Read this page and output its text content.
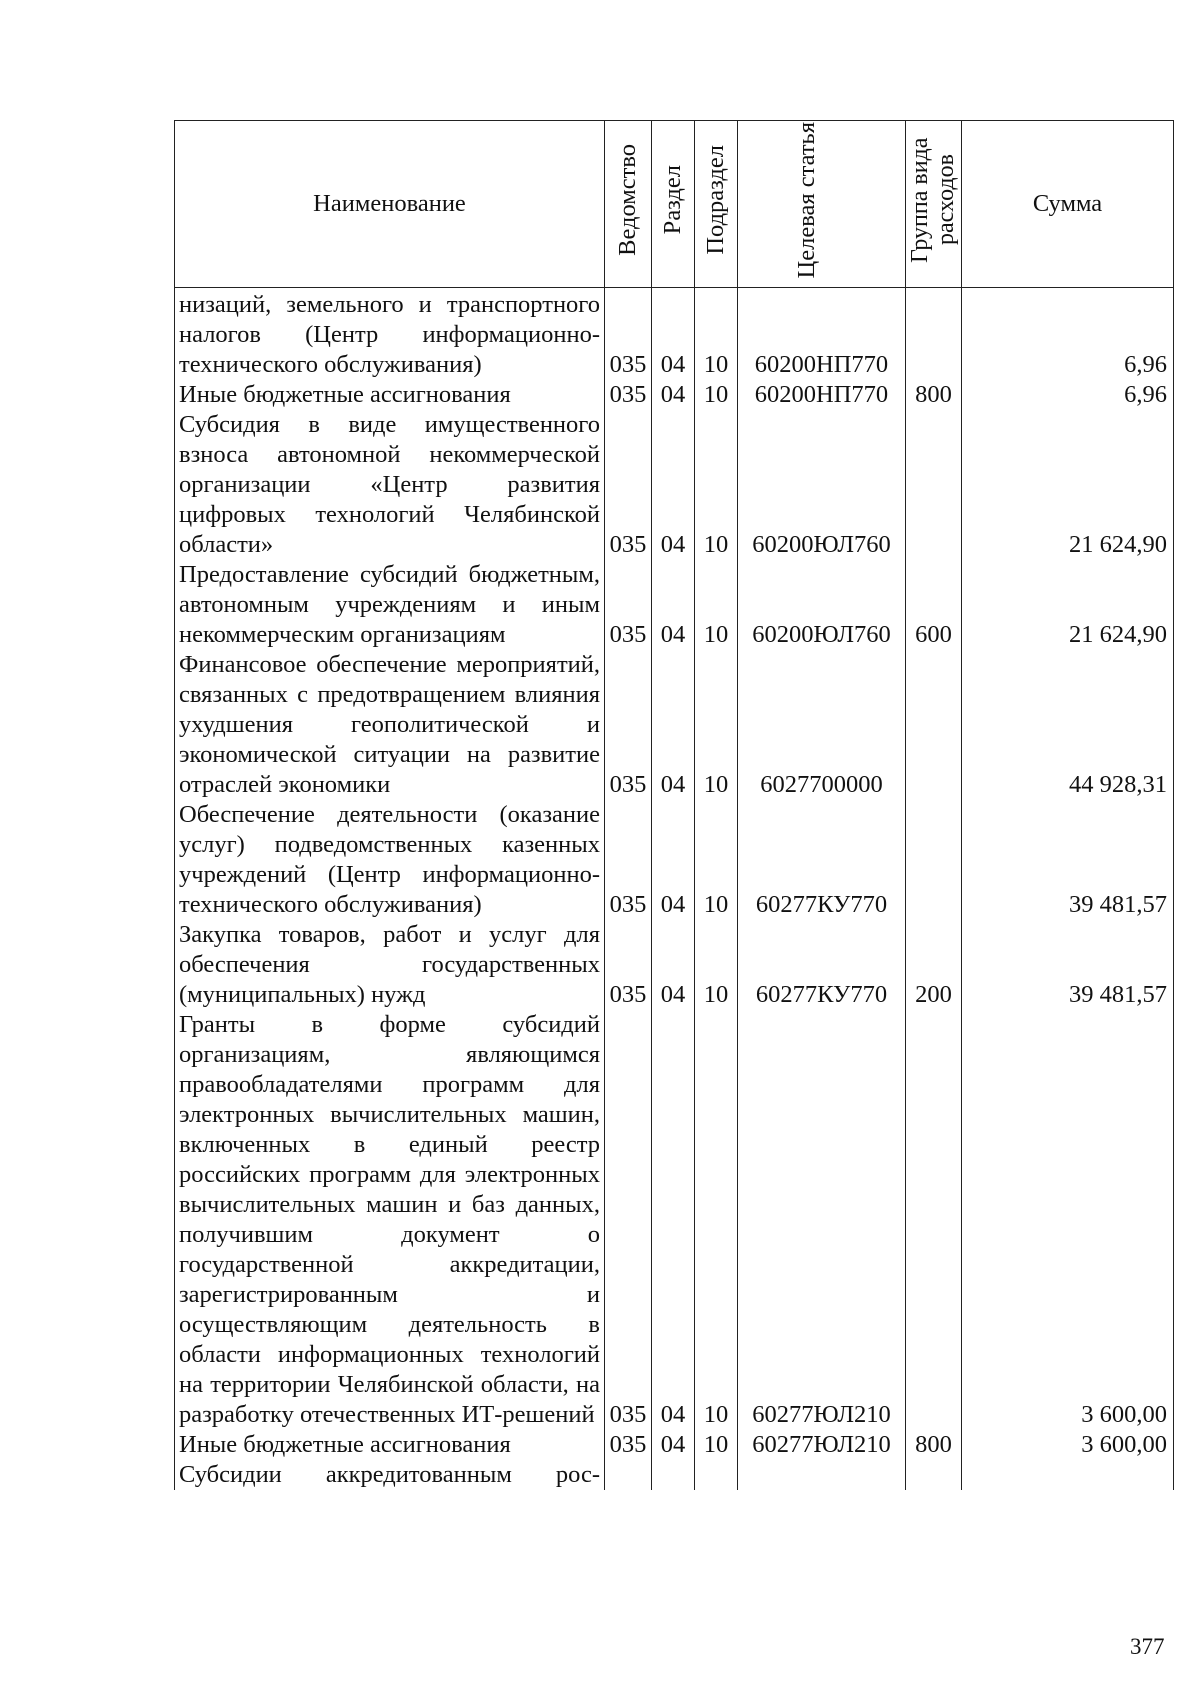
Наименование	Ведомство	Раздел	Подраздел	Целевая статья	Группа вида расходов	Сумма
низаций, земельного и транспортного налогов (Центр информационно-технического обслуживания)	035	04	10	60200НП770		6,96
Иные бюджетные ассигнования	035	04	10	60200НП770	800	6,96
Субсидия в виде имущественного взноса автономной некоммерческой организации «Центр развития цифровых технологий Челябинской области»	035	04	10	60200ЮЛ760		21 624,90
Предоставление субсидий бюджетным, автономным учреждениям и иным некоммерческим организациям	035	04	10	60200ЮЛ760	600	21 624,90
Финансовое обеспечение мероприятий, связанных с предотвращением влияния ухудшения геополитической и экономической ситуации на развитие отраслей экономики	035	04	10	6027700000		44 928,31
Обеспечение деятельности (оказание услуг) подведомственных казенных учреждений (Центр информационно-технического обслуживания)	035	04	10	60277КУ770		39 481,57
Закупка товаров, работ и услуг для обеспечения государственных (муниципальных) нужд	035	04	10	60277КУ770	200	39 481,57
Гранты в форме субсидий организациям, являющимся правообладателями программ для электронных вычислительных машин, включенных в единый реестр российских программ для электронных вычислительных машин и баз данных, получившим документ о государственной аккредитации, зарегистрированным и осуществляющим деятельность в области информационных технологий на территории Челябинской области, на разработку отечественных ИТ-решений	035	04	10	60277ЮЛ210		3 600,00
Иные бюджетные ассигнования	035	04	10	60277ЮЛ210	800	3 600,00
Субсидии аккредитованным рос-						
377
